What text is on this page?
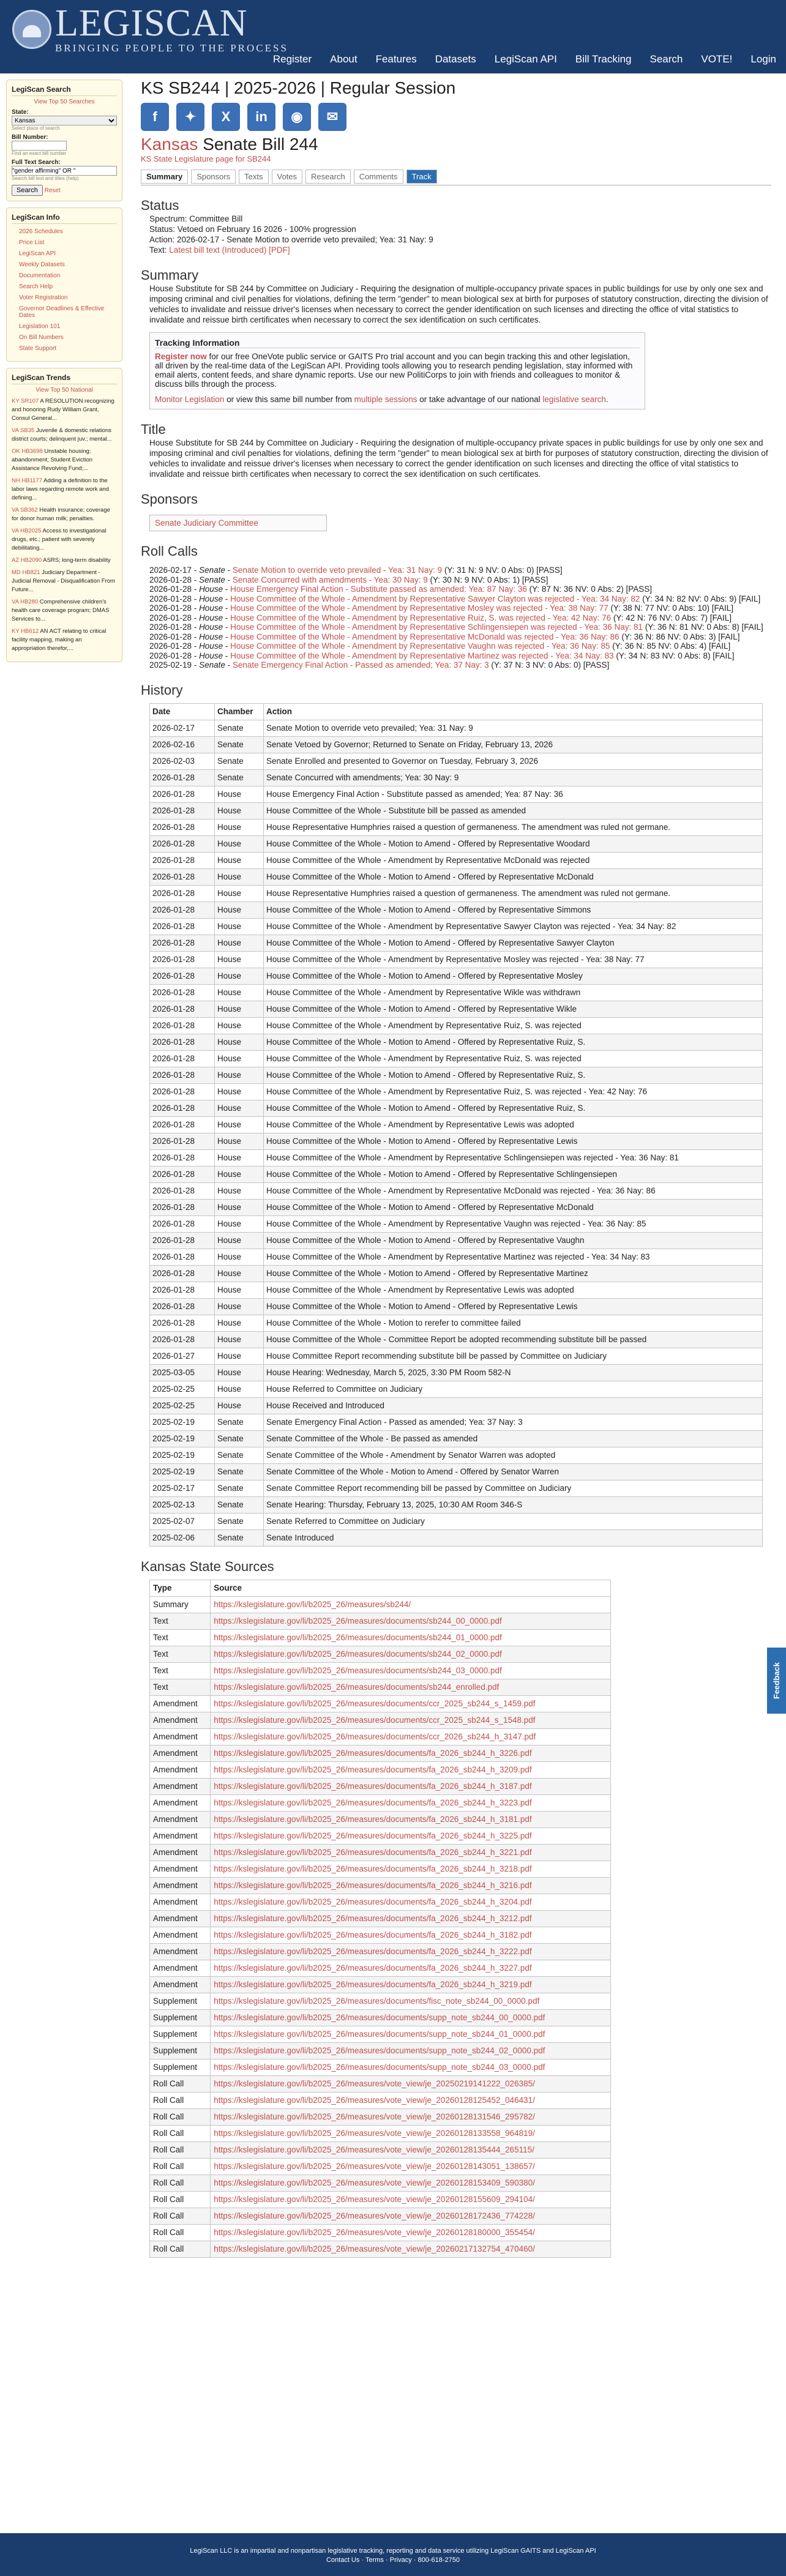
LEGISCAN
BRINGING PEOPLE TO THE PROCESS
Register About Features Datasets LegiScan API Bill Tracking Search VOTE! Login
LegiScan Search
View Top 50 Searches
State:
Kansas
Select place of search
Bill Number:
Find an exact bill number
Full Text Search:
"gender affirming" OR "
Search bill text and titles (help)
Search Reset
LegiScan Info
2026 Schedules
Price List
LegiScan API
Weekly Datasets
Documentation
Search Help
Voter Registration
Governor Deadlines & Effective Dates
Legislation 101
On Bill Numbers
State Support
LegiScan Trends
View Top 50 National
KY SR107 A RESOLUTION recognizing and honoring Rudy William Grant, Consul General...
VA SB35 Juvenile & domestic relations district courts; delinquent juv.; mental...
OK HB3698 Unstable housing; abandonment; Student Eviction Assistance Revolving Fund;...
NH HB1177 Adding a definition to the labor laws regarding remote work and defining...
VA SB362 Health insurance; coverage for donor human milk; penalties.
VA HB2025 Access to investigational drugs, etc.; patient with severely debilitating...
AZ HB2090 ASRS; long-term disability
MD HB821 Judiciary Department - Judicial Removal - Disqualification From Future...
VA HB280 Comprehensive children's health care coverage program; DMAS Services to...
KY HB612 AN ACT relating to critical facility mapping, making an appropriation therefor,...
KS SB244 | 2025-2026 | Regular Session
f	✦	X	in	◉	✉
Kansas Senate Bill 244
KS State Legislature page for SB244
Summary	Sponsors	Texts	Votes	Research	Comments	Track
Status
Spectrum: Committee Bill
Status: Vetoed on February 16 2026 - 100% progression
Action: 2026-02-17 - Senate Motion to override veto prevailed; Yea: 31 Nay: 9
Text: Latest bill text (Introduced) [PDF]
Summary
House Substitute for SB 244 by Committee on Judiciary - Requiring the designation of multiple-occupancy private spaces in public buildings for use by only one sex and imposing criminal and civil penalties for violations, defining the term "gender" to mean biological sex at birth for purposes of statutory construction, directing the division of vehicles to invalidate and reissue driver's licenses when necessary to correct the gender identification on such licenses and directing the office of vital statistics to invalidate and reissue birth certificates when necessary to correct the sex identification on such certificates.
Tracking Information
Register now for our free OneVote public service or GAITS Pro trial account and you can begin tracking this and other legislation, all driven by the real-time data of the LegiScan API. Providing tools allowing you to research pending legislation, stay informed with email alerts, content feeds, and share dynamic reports. Use our new PolitiCorps to join with friends and colleagues to monitor & discuss bills through the process.
Monitor Legislation or view this same bill number from multiple sessions or take advantage of our national legislative search.
Title
House Substitute for SB 244 by Committee on Judiciary - Requiring the designation of multiple-occupancy private spaces in public buildings for use by only one sex and imposing criminal and civil penalties for violations, defining the term "gender" to mean biological sex at birth for purposes of statutory construction, directing the division of vehicles to invalidate and reissue driver's licenses when necessary to correct the gender identification on such licenses and directing the office of vital statistics to invalidate and reissue birth certificates when necessary to correct the sex identification on such certificates.
Sponsors
Senate Judiciary Committee
Roll Calls
2026-02-17 - Senate - Senate Motion to override veto prevailed - Yea: 31 Nay: 9 (Y: 31 N: 9 NV: 0 Abs: 0) [PASS]
2026-01-28 - Senate - Senate Concurred with amendments - Yea: 30 Nay: 9 (Y: 30 N: 9 NV: 0 Abs: 1) [PASS]
2026-01-28 - House - House Emergency Final Action - Substitute passed as amended: Yea: 87 Nay: 36 (Y: 87 N: 36 NV: 0 Abs: 2) [PASS]
2026-01-28 - House - House Committee of the Whole - Amendment by Representative Sawyer Clayton was rejected - Yea: 34 Nay: 82 (Y: 34 N: 82 NV: 0 Abs: 9) [FAIL]
2026-01-28 - House - House Committee of the Whole - Amendment by Representative Mosley was rejected - Yea: 38 Nay: 77 (Y: 38 N: 77 NV: 0 Abs: 10) [FAIL]
2026-01-28 - House - House Committee of the Whole - Amendment by Representative Ruiz, S. was rejected - Yea: 42 Nay: 76 (Y: 42 N: 76 NV: 0 Abs: 7) [FAIL]
2026-01-28 - House - House Committee of the Whole - Amendment by Representative Schlingensiepen was rejected - Yea: 36 Nay: 81 (Y: 36 N: 81 NV: 0 Abs: 8) [FAIL]
2026-01-28 - House - House Committee of the Whole - Amendment by Representative McDonald was rejected - Yea: 36 Nay: 86 (Y: 36 N: 86 NV: 0 Abs: 3) [FAIL]
2026-01-28 - House - House Committee of the Whole - Amendment by Representative Vaughn was rejected - Yea: 36 Nay: 85 (Y: 36 N: 85 NV: 0 Abs: 4) [FAIL]
2026-01-28 - House - House Committee of the Whole - Amendment by Representative Martinez was rejected - Yea: 34 Nay: 83 (Y: 34 N: 83 NV: 0 Abs: 8) [FAIL]
2025-02-19 - Senate - Senate Emergency Final Action - Passed as amended; Yea: 37 Nay: 3 (Y: 37 N: 3 NV: 0 Abs: 0) [PASS]
History
Date	Chamber	Action
2026-02-17	Senate	Senate Motion to override veto prevailed; Yea: 31 Nay: 9
2026-02-16	Senate	Senate Vetoed by Governor; Returned to Senate on Friday, February 13, 2026
2026-02-03	Senate	Senate Enrolled and presented to Governor on Tuesday, February 3, 2026
2026-01-28	Senate	Senate Concurred with amendments; Yea: 30 Nay: 9
2026-01-28	House	House Emergency Final Action - Substitute passed as amended; Yea: 87 Nay: 36
2026-01-28	House	House Committee of the Whole - Substitute bill be passed as amended
2026-01-28	House	House Representative Humphries raised a question of germaneness. The amendment was ruled not germane.
2026-01-28	House	House Committee of the Whole - Motion to Amend - Offered by Representative Woodard
2026-01-28	House	House Committee of the Whole - Amendment by Representative McDonald was rejected
2026-01-28	House	House Committee of the Whole - Motion to Amend - Offered by Representative McDonald
2026-01-28	House	House Representative Humphries raised a question of germaneness. The amendment was ruled not germane.
2026-01-28	House	House Committee of the Whole - Motion to Amend - Offered by Representative Simmons
2026-01-28	House	House Committee of the Whole - Amendment by Representative Sawyer Clayton was rejected - Yea: 34 Nay: 82
2026-01-28	House	House Committee of the Whole - Motion to Amend - Offered by Representative Sawyer Clayton
2026-01-28	House	House Committee of the Whole - Amendment by Representative Mosley was rejected - Yea: 38 Nay: 77
2026-01-28	House	House Committee of the Whole - Motion to Amend - Offered by Representative Mosley
2026-01-28	House	House Committee of the Whole - Amendment by Representative Wikle was withdrawn
2026-01-28	House	House Committee of the Whole - Motion to Amend - Offered by Representative Wikle
2026-01-28	House	House Committee of the Whole - Amendment by Representative Ruiz, S. was rejected
2026-01-28	House	House Committee of the Whole - Motion to Amend - Offered by Representative Ruiz, S.
2026-01-28	House	House Committee of the Whole - Amendment by Representative Ruiz, S. was rejected
2026-01-28	House	House Committee of the Whole - Motion to Amend - Offered by Representative Ruiz, S.
2026-01-28	House	House Committee of the Whole - Amendment by Representative Ruiz, S. was rejected - Yea: 42 Nay: 76
2026-01-28	House	House Committee of the Whole - Motion to Amend - Offered by Representative Ruiz, S.
2026-01-28	House	House Committee of the Whole - Amendment by Representative Lewis was adopted
2026-01-28	House	House Committee of the Whole - Motion to Amend - Offered by Representative Lewis
2026-01-28	House	House Committee of the Whole - Amendment by Representative Schlingensiepen was rejected - Yea: 36 Nay: 81
2026-01-28	House	House Committee of the Whole - Motion to Amend - Offered by Representative Schlingensiepen
2026-01-28	House	House Committee of the Whole - Amendment by Representative McDonald was rejected - Yea: 36 Nay: 86
2026-01-28	House	House Committee of the Whole - Motion to Amend - Offered by Representative McDonald
2026-01-28	House	House Committee of the Whole - Amendment by Representative Vaughn was rejected - Yea: 36 Nay: 85
2026-01-28	House	House Committee of the Whole - Motion to Amend - Offered by Representative Vaughn
2026-01-28	House	House Committee of the Whole - Amendment by Representative Martinez was rejected - Yea: 34 Nay: 83
2026-01-28	House	House Committee of the Whole - Motion to Amend - Offered by Representative Martinez
2026-01-28	House	House Committee of the Whole - Amendment by Representative Lewis was adopted
2026-01-28	House	House Committee of the Whole - Motion to Amend - Offered by Representative Lewis
2026-01-28	House	House Committee of the Whole - Motion to rerefer to committee failed
2026-01-28	House	House Committee of the Whole - Committee Report be adopted recommending substitute bill be passed
2026-01-27	House	House Committee Report recommending substitute bill be passed by Committee on Judiciary
2025-03-05	House	House Hearing: Wednesday, March 5, 2025, 3:30 PM Room 582-N
2025-02-25	House	House Referred to Committee on Judiciary
2025-02-25	House	House Received and Introduced
2025-02-19	Senate	Senate Emergency Final Action - Passed as amended; Yea: 37 Nay: 3
2025-02-19	Senate	Senate Committee of the Whole - Be passed as amended
2025-02-19	Senate	Senate Committee of the Whole - Amendment by Senator Warren was adopted
2025-02-19	Senate	Senate Committee of the Whole - Motion to Amend - Offered by Senator Warren
2025-02-17	Senate	Senate Committee Report recommending bill be passed by Committee on Judiciary
2025-02-13	Senate	Senate Hearing: Thursday, February 13, 2025, 10:30 AM Room 346-S
2025-02-07	Senate	Senate Referred to Committee on Judiciary
2025-02-06	Senate	Senate Introduced
Kansas State Sources
Type	Source
Summary	https://kslegislature.gov/li/b2025_26/measures/sb244/
Text	https://kslegislature.gov/li/b2025_26/measures/documents/sb244_00_0000.pdf
Text	https://kslegislature.gov/li/b2025_26/measures/documents/sb244_01_0000.pdf
Text	https://kslegislature.gov/li/b2025_26/measures/documents/sb244_02_0000.pdf
Text	https://kslegislature.gov/li/b2025_26/measures/documents/sb244_03_0000.pdf
Text	https://kslegislature.gov/li/b2025_26/measures/documents/sb244_enrolled.pdf
Amendment	https://kslegislature.gov/li/b2025_26/measures/documents/ccr_2025_sb244_s_1459.pdf
Amendment	https://kslegislature.gov/li/b2025_26/measures/documents/ccr_2025_sb244_s_1548.pdf
Amendment	https://kslegislature.gov/li/b2025_26/measures/documents/ccr_2026_sb244_h_3147.pdf
Amendment	https://kslegislature.gov/li/b2025_26/measures/documents/fa_2026_sb244_h_3226.pdf
Amendment	https://kslegislature.gov/li/b2025_26/measures/documents/fa_2026_sb244_h_3209.pdf
Amendment	https://kslegislature.gov/li/b2025_26/measures/documents/fa_2026_sb244_h_3187.pdf
Amendment	https://kslegislature.gov/li/b2025_26/measures/documents/fa_2026_sb244_h_3223.pdf
Amendment	https://kslegislature.gov/li/b2025_26/measures/documents/fa_2026_sb244_h_3181.pdf
Amendment	https://kslegislature.gov/li/b2025_26/measures/documents/fa_2026_sb244_h_3225.pdf
Amendment	https://kslegislature.gov/li/b2025_26/measures/documents/fa_2026_sb244_h_3221.pdf
Amendment	https://kslegislature.gov/li/b2025_26/measures/documents/fa_2026_sb244_h_3218.pdf
Amendment	https://kslegislature.gov/li/b2025_26/measures/documents/fa_2026_sb244_h_3216.pdf
Amendment	https://kslegislature.gov/li/b2025_26/measures/documents/fa_2026_sb244_h_3204.pdf
Amendment	https://kslegislature.gov/li/b2025_26/measures/documents/fa_2026_sb244_h_3212.pdf
Amendment	https://kslegislature.gov/li/b2025_26/measures/documents/fa_2026_sb244_h_3182.pdf
Amendment	https://kslegislature.gov/li/b2025_26/measures/documents/fa_2026_sb244_h_3222.pdf
Amendment	https://kslegislature.gov/li/b2025_26/measures/documents/fa_2026_sb244_h_3227.pdf
Amendment	https://kslegislature.gov/li/b2025_26/measures/documents/fa_2026_sb244_h_3219.pdf
Supplement	https://kslegislature.gov/li/b2025_26/measures/documents/fisc_note_sb244_00_0000.pdf
Supplement	https://kslegislature.gov/li/b2025_26/measures/documents/supp_note_sb244_00_0000.pdf
Supplement	https://kslegislature.gov/li/b2025_26/measures/documents/supp_note_sb244_01_0000.pdf
Supplement	https://kslegislature.gov/li/b2025_26/measures/documents/supp_note_sb244_02_0000.pdf
Supplement	https://kslegislature.gov/li/b2025_26/measures/documents/supp_note_sb244_03_0000.pdf
Roll Call	https://kslegislature.gov/li/b2025_26/measures/vote_view/je_20250219141222_026385/
Roll Call	https://kslegislature.gov/li/b2025_26/measures/vote_view/je_20260128125452_046431/
Roll Call	https://kslegislature.gov/li/b2025_26/measures/vote_view/je_20260128131546_295782/
Roll Call	https://kslegislature.gov/li/b2025_26/measures/vote_view/je_20260128133558_964819/
Roll Call	https://kslegislature.gov/li/b2025_26/measures/vote_view/je_20260128135444_265115/
Roll Call	https://kslegislature.gov/li/b2025_26/measures/vote_view/je_20260128143051_138657/
Roll Call	https://kslegislature.gov/li/b2025_26/measures/vote_view/je_20260128153409_590380/
Roll Call	https://kslegislature.gov/li/b2025_26/measures/vote_view/je_20260128155609_294104/
Roll Call	https://kslegislature.gov/li/b2025_26/measures/vote_view/je_20260128172436_774228/
Roll Call	https://kslegislature.gov/li/b2025_26/measures/vote_view/je_20260128180000_355454/
Roll Call	https://kslegislature.gov/li/b2025_26/measures/vote_view/je_20260217132754_470460/
Feedback
LegiScan LLC is an impartial and nonpartisan legislative tracking, reporting and data service utilizing LegiScan GAITS and LegiScan API
Contact Us · Terms · Privacy · 800-618-2750
